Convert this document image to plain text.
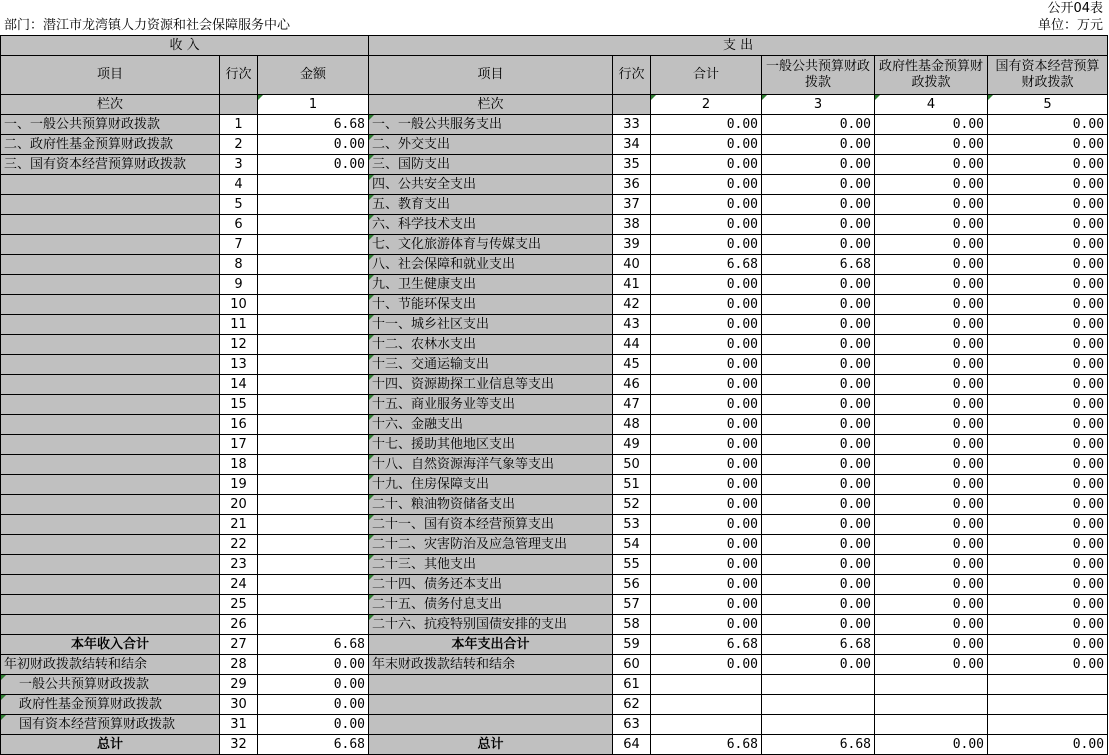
公开04表
部门：潜江市龙湾镇人力资源和社会保障服务中心	单位：万元
收 入			支 出					
项目	行次	金额	项目	行次	合计	一般公共预算财政拨款	政府性基金预算财政拨款	国有资本经营预算财政拨款
栏次		1	栏次		2	3	4	5
一、一般公共预算财政拨款	1	6.68	一、一般公共服务支出	33	0.00	0.00	0.00	0.00
二、政府性基金预算财政拨款	2	0.00	二、外交支出	34	0.00	0.00	0.00	0.00
三、国有资本经营预算财政拨款	3	0.00	三、国防支出	35	0.00	0.00	0.00	0.00
	4		四、公共安全支出	36	0.00	0.00	0.00	0.00
	5		五、教育支出	37	0.00	0.00	0.00	0.00
	6		六、科学技术支出	38	0.00	0.00	0.00	0.00
	7		七、文化旅游体育与传媒支出	39	0.00	0.00	0.00	0.00
	8		八、社会保障和就业支出	40	6.68	6.68	0.00	0.00
	9		九、卫生健康支出	41	0.00	0.00	0.00	0.00
	10		十、节能环保支出	42	0.00	0.00	0.00	0.00
	11		十一、城乡社区支出	43	0.00	0.00	0.00	0.00
	12		十二、农林水支出	44	0.00	0.00	0.00	0.00
	13		十三、交通运输支出	45	0.00	0.00	0.00	0.00
	14		十四、资源勘探工业信息等支出	46	0.00	0.00	0.00	0.00
	15		十五、商业服务业等支出	47	0.00	0.00	0.00	0.00
	16		十六、金融支出	48	0.00	0.00	0.00	0.00
	17		十七、援助其他地区支出	49	0.00	0.00	0.00	0.00
	18		十八、自然资源海洋气象等支出	50	0.00	0.00	0.00	0.00
	19		十九、住房保障支出	51	0.00	0.00	0.00	0.00
	20		二十、粮油物资储备支出	52	0.00	0.00	0.00	0.00
	21		二十一、国有资本经营预算支出	53	0.00	0.00	0.00	0.00
	22		二十二、灾害防治及应急管理支出	54	0.00	0.00	0.00	0.00
	23		二十三、其他支出	55	0.00	0.00	0.00	0.00
	24		二十四、债务还本支出	56	0.00	0.00	0.00	0.00
	25		二十五、债务付息支出	57	0.00	0.00	0.00	0.00
	26		二十六、抗疫特别国债安排的支出	58	0.00	0.00	0.00	0.00
本年收入合计	27	6.68	本年支出合计	59	6.68	6.68	0.00	0.00
年初财政拨款结转和结余	28	0.00	年末财政拨款结转和结余	60	0.00	0.00	0.00	0.00
一般公共预算财政拨款	29	0.00		61				
政府性基金预算财政拨款	30	0.00		62				
国有资本经营预算财政拨款	31	0.00		63				
总计	32	6.68	总计	64	6.68	6.68	0.00	0.00
